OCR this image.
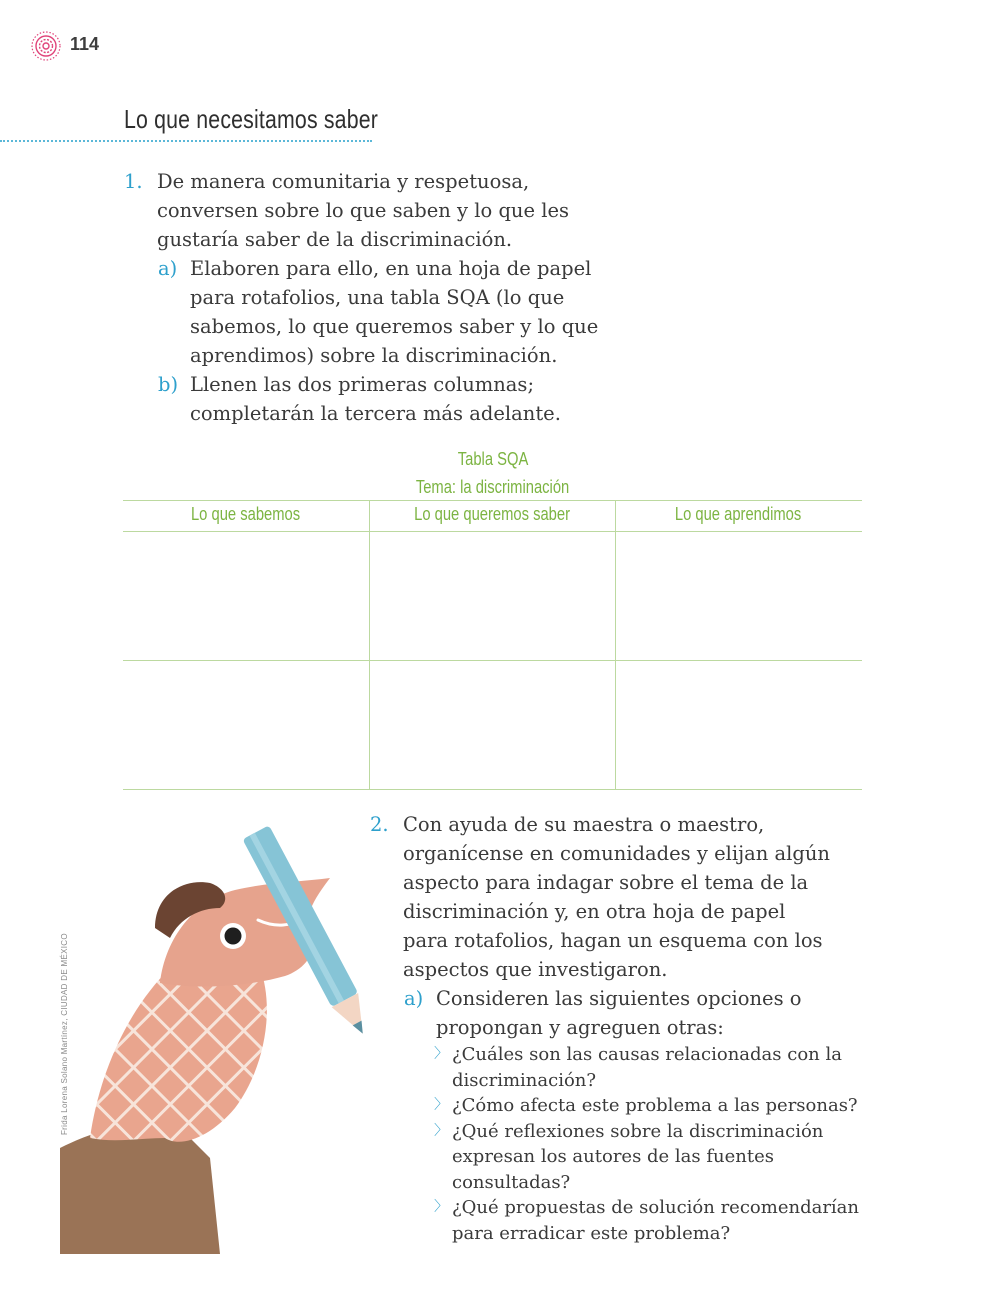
114
Lo que necesitamos saber
1. De manera comunitaria y respetuosa,
conversen sobre lo que saben y lo que les
gustaría saber de la discriminación.
a) Elaboren para ello, en una hoja de papel
para rotafolios, una tabla SQA (lo que
sabemos, lo que queremos saber y lo que
aprendimos) sobre la discriminación.
b) Llenen las dos primeras columnas;
completarán la tercera más adelante.
Tabla SQA
Tema: la discriminación
Lo que sabemos	Lo que queremos saber	Lo que aprendimos
Frida Lorena Solano Martínez, CIUDAD DE MÉXICO
2. Con ayuda de su maestra o maestro,
organícense en comunidades y elijan algún
aspecto para indagar sobre el tema de la
discriminación y, en otra hoja de papel
para rotafolios, hagan un esquema con los
aspectos que investigaron.
a) Consideren las siguientes opciones o
propongan y agreguen otras:
〉 ¿Cuáles son las causas relacionadas con la
discriminación?
〉 ¿Cómo afecta este problema a las personas?
〉 ¿Qué reflexiones sobre la discriminación
expresan los autores de las fuentes
consultadas?
〉 ¿Qué propuestas de solución recomendarían
para erradicar este problema?
